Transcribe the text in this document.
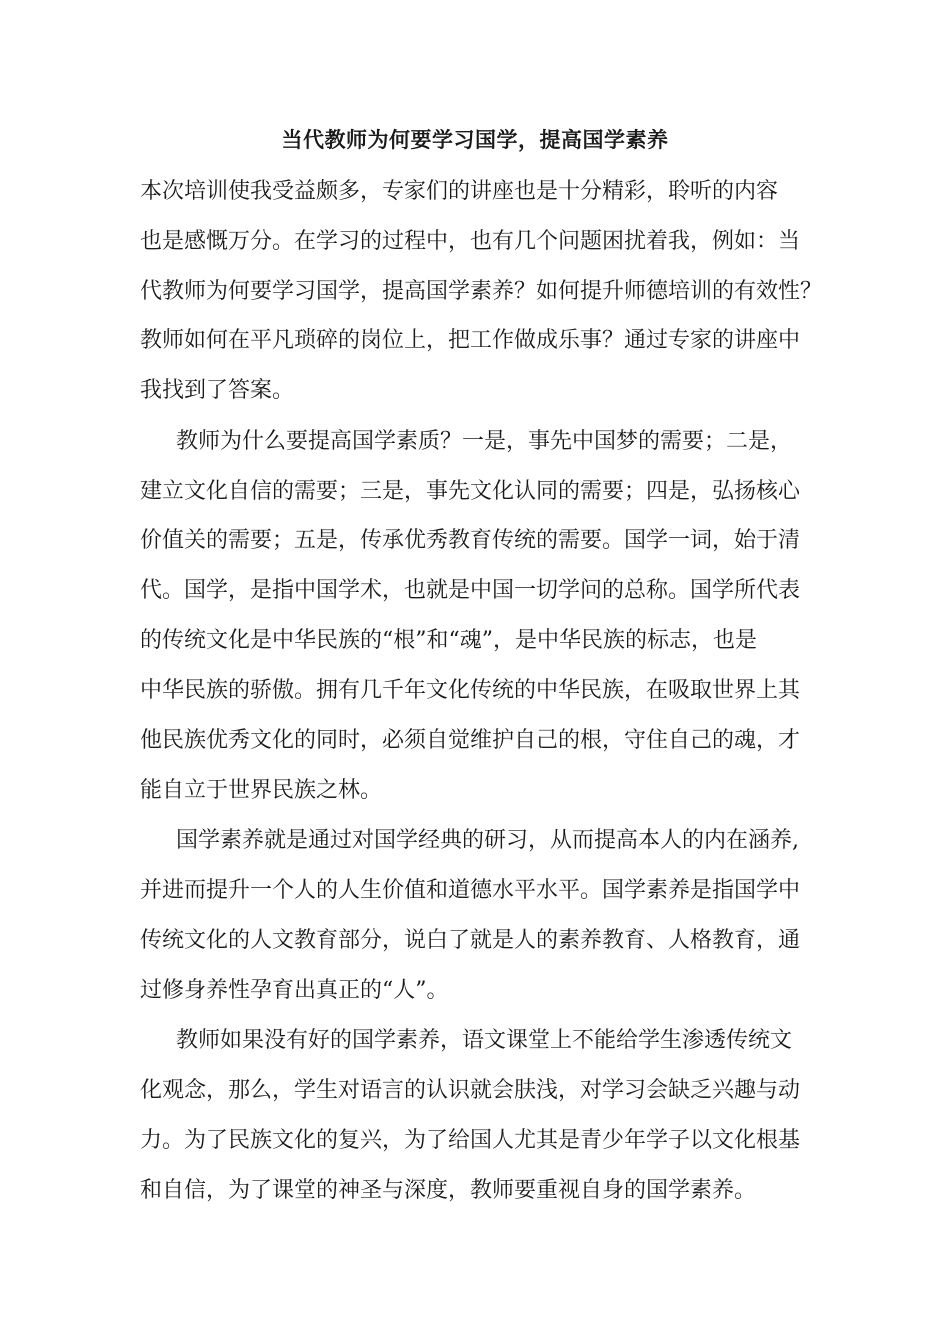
当代教师为何要学习国学，提高国学素养

本次培训使我受益颇多，专家们的讲座也是十分精彩，聆听的内容

也是感慨万分。在学习的过程中，也有几个问题困扰着我，例如：当

代教师为何要学习国学，提高国学素养？如何提升师德培训的有效性？

教师如何在平凡琐碎的岗位上，把工作做成乐事？通过专家的讲座中

我找到了答案。

教师为什么要提高国学素质？一是，事先中国梦的需要；二是，

建立文化自信的需要；三是，事先文化认同的需要；四是，弘扬核心

价值关的需要；五是，传承优秀教育传统的需要。国学一词，始于清

代。国学，是指中国学术，也就是中国一切学问的总称。国学所代表

的传统文化是中华民族的“根”和“魂”，是中华民族的标志，也是

中华民族的骄傲。拥有几千年文化传统的中华民族，在吸取世界上其

他民族优秀文化的同时，必须自觉维护自己的根，守住自己的魂，才

能自立于世界民族之林。

国学素养就是通过对国学经典的研习，从而提高本人的内在涵养,

并进而提升一个人的人生价值和道德水平水平。国学素养是指国学中

传统文化的人文教育部分，说白了就是人的素养教育、人格教育，通

过修身养性孕育出真正的“人”。

教师如果没有好的国学素养，语文课堂上不能给学生渗透传统文

化观念，那么，学生对语言的认识就会肤浅，对学习会缺乏兴趣与动

力。为了民族文化的复兴，为了给国人尤其是青少年学子以文化根基

和自信，为了课堂的神圣与深度，教师要重视自身的国学素养。
